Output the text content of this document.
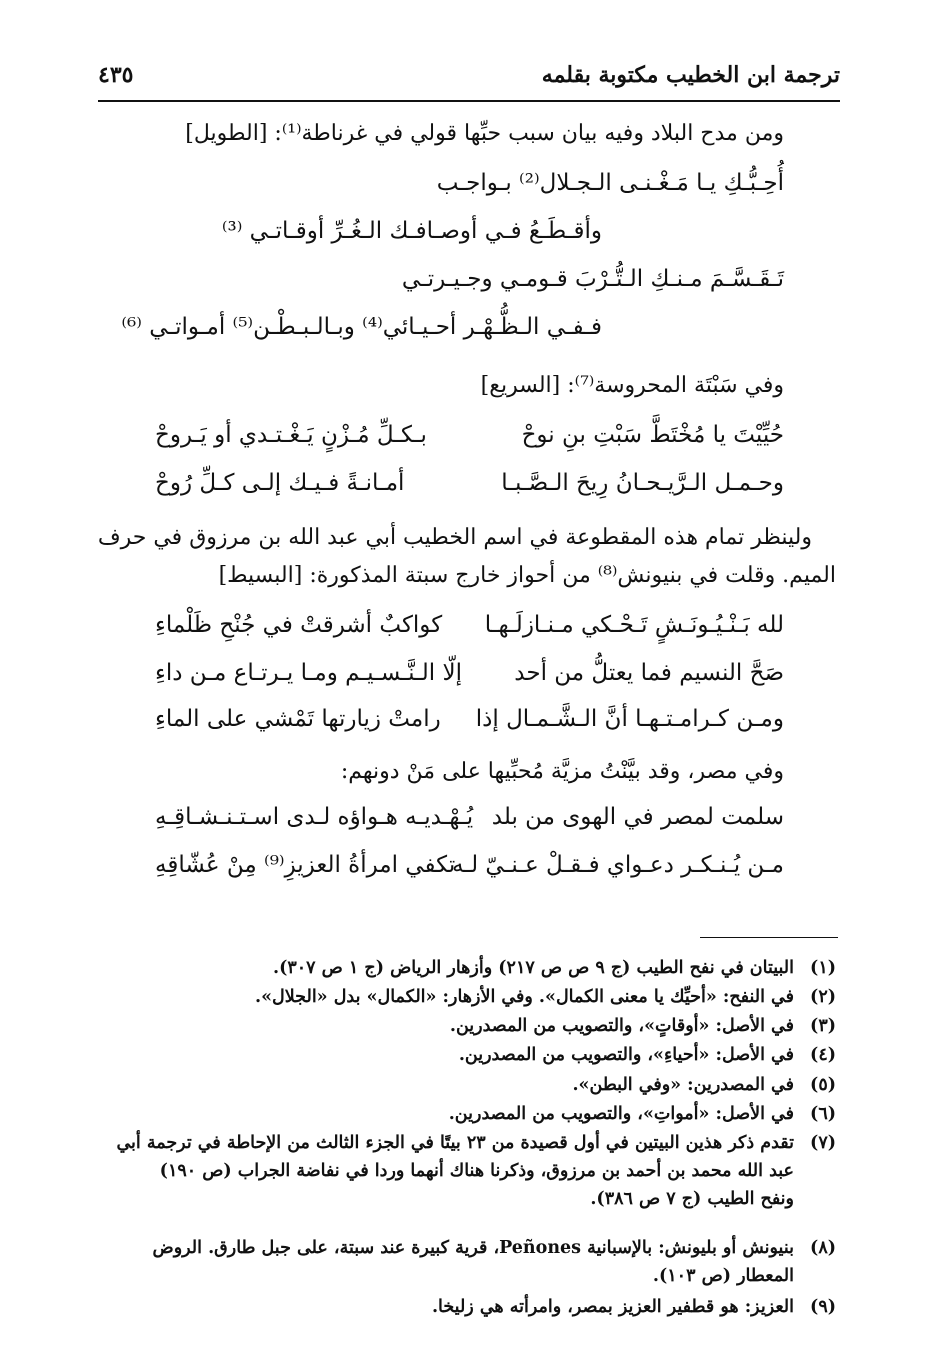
ترجمة ابن الخطيب مكتوبة بقلمه
٤٣٥
ومن مدح البلاد وفيه بيان سبب حبِّها قولي في غرناطة⁽¹⁾: [الطويل]
أُحِـبُّـكِ يـا مَـغْـنـى الـجـلال⁽²⁾ بـواجـب
وأقـطَـعُ فـي أوصـافـك الـغُـرِّ أوقـاتـي ⁽³⁾
تَـقَـسَّـمَ مـنـكِ الـتُّـرْبَ قـومـي وجـيـرتـي
فـفـي الـظُّـهْـر أحـيـائي⁽⁴⁾ وبـالـبـطْـن⁽⁵⁾ أمـواتـي ⁽⁶⁾
وفي سَبْتَة المحروسة⁽⁷⁾: [السريع]
حُيِّيْتَ يا مُخْتَطَّ سَبْتِ بنِ نوحْ
بـكـلِّ مُـزْنٍ يَـغْـتـدي أو يَـروحْ
وحـمـل الـرَّيـحـانُ رِيحَ الـصَّـبـا
أمـانـةً فـيـك إلـى كـلِّ رُوحْ
ولينظر تمام هذه المقطوعة في اسم الخطيب أبي عبد الله بن مرزوق في حرف
الميم. وقلت في بنيونش⁽⁸⁾ من أحواز خارج سبتة المذكورة: [البسيط]
لله بَـنْـيُـونَـشٍ تَـحْـكي مـنـازلَـهـا
كواكبٌ أشرقتْ في جُنْحِ ظَلْماءِ
صَحَّ النسيم فما يعتلُّ من أحد
إلّا الـنَّـسـيـم ومـا يـرتـاع مـن داءِ
ومـن كـرامـتـهـا أنَّ الـشَّـمـال إذا
رامتْ زيارتها تَمْشي على الماءِ
وفي مصر، وقد بيَّنْتُ مزيَّة مُحبِّيها على مَنْ دونهم:
سلمت لمصر في الهوى من بلد
يُـهْـديـه هـواؤه لـدى اسـتـنـشـاقِـهِ
مـن يُـنـكـر دعـواي فـقـلْ عـنـيّ لـه
تكفي امرأةُ العزيزِ⁽⁹⁾ مِنْ عُشّاقِهِ
(١)
البيتان في نفح الطيب (ج ٩ ص ص ٢١٧) وأزهار الرياض (ج ١ ص ٣٠٧).
(٢)
في النفح: «أحيِّك يا معنى الكمال». وفي الأزهار: «الكمال» بدل «الجلال».
(٣)
في الأصل: «أوقاتٍ»، والتصويب من المصدرين.
(٤)
في الأصل: «أحياءِ»، والتصويب من المصدرين.
(٥)
في المصدرين: «وفي البطن».
(٦)
في الأصل: «أمواتِ»، والتصويب من المصدرين.
(٧)
تقدم ذكر هذين البيتين في أول قصيدة من ٢٣ بيتًا في الجزء الثالث من الإحاطة في ترجمة أبي
عبد الله محمد بن أحمد بن مرزوق، وذكرنا هناك أنهما وردا في نفاضة الجراب (ص ١٩٠)
ونفح الطيب (ج ٧ ص ٣٨٦).
(٨)
بنيونش أو بليونش: بالإسبانية Peñones، قرية كبيرة عند سبتة، على جبل طارق. الروض
المعطار (ص ١٠٣).
(٩)
العزيز: هو قطفير العزيز بمصر، وامرأته هي زليخا.
